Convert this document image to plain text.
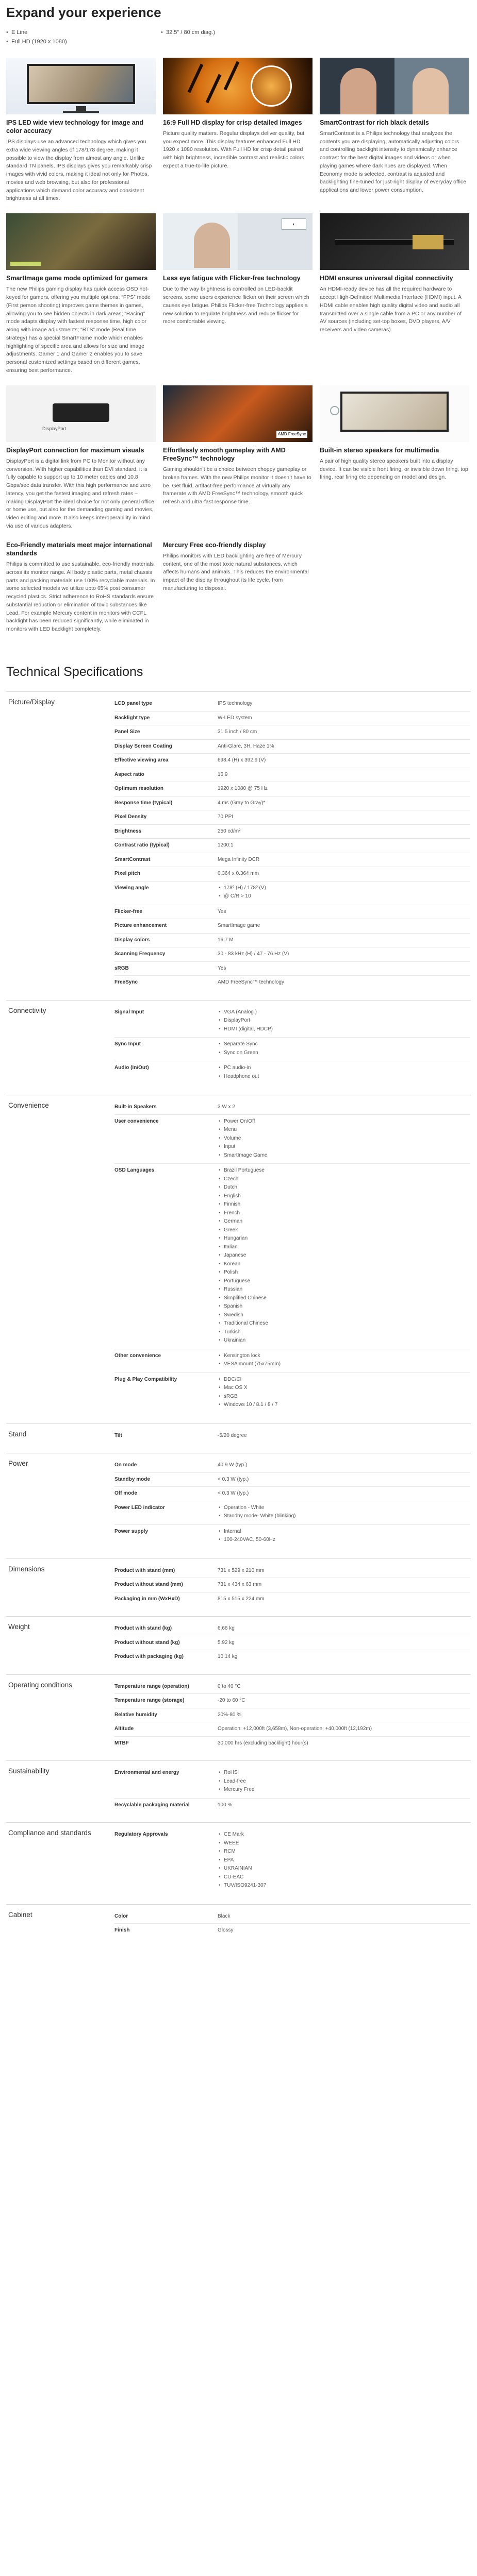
Expand your experience
• E Line
• Full HD (1920 x 1080)
• 32.5" / 80 cm diag.)
IPS LED wide view technology for image and color accuracy
IPS displays use an advanced technology which gives you extra wide viewing angles of 178/178 degree, making it possible to view the display from almost any angle. Unlike standard TN panels, IPS displays gives you remarkably crisp images with vivid colors, making it ideal not only for Photos, movies and web browsing, but also for professional applications which demand color accuracy and consistent brightness at all times.
16:9 Full HD display for crisp detailed images
Picture quality matters. Regular displays deliver quality, but you expect more. This display features enhanced Full HD 1920 x 1080 resolution. With Full HD for crisp detail paired with high brightness, incredible contrast and realistic colors expect a true-to-life picture.
SmartContrast for rich black details
SmartContrast is a Philips technology that analyzes the contents you are displaying, automatically adjusting colors and controlling backlight intensity to dynamically enhance contrast for the best digital images and videos or when playing games where dark hues are displayed. When Economy mode is selected, contrast is adjusted and backlighting fine-tuned for just-right display of everyday office applications and lower power consumption.
SmartImage game mode optimized for gamers
The new Philips gaming display has quick access OSD hot-keyed for gamers, offering you multiple options: “FPS” mode (First person shooting) improves game themes in games, allowing you to see hidden objects in dark areas; “Racing” mode adapts display with fastest response time, high color along with image adjustments; “RTS” mode (Real time strategy) has a special SmartFrame mode which enables highlighting of specific area and allows for size and image adjustments. Gamer 1 and Gamer 2 enables you to save personal customized settings based on different games, ensuring best performance.
◐
Less eye fatigue with Flicker-free technology
Due to the way brightness is controlled on LED-backlit screens, some users experience flicker on their screen which causes eye fatigue. Philips Flicker-free Technology applies a new solution to regulate brightness and reduce flicker for more comfortable viewing.
HDMI ensures universal digital connectivity
An HDMI-ready device has all the required hardware to accept High-Definition Multimedia Interface (HDMI) input. A HDMI cable enables high quality digital video and audio all transmitted over a single cable from a PC or any number of AV sources (including set-top boxes, DVD players, A/V receivers and video cameras).
DisplayPort
DisplayPort connection for maximum visuals
DisplayPort is a digital link from PC to Monitor without any conversion. With higher capabilities than DVI standard, it is fully capable to support up to 10 meter cables and 10.8 Gbps/sec data transfer. With this high performance and zero latency, you get the fastest imaging and refresh rates – making DisplayPort the ideal choice for not only general office or home use, but also for the demanding gaming and movies, video editing and more. It also keeps interoperability in mind via use of various adapters.
AMD FreeSync
Effortlessly smooth gameplay with AMD FreeSync™ technology
Gaming shouldn’t be a choice between choppy gameplay or broken frames. With the new Philips monitor it doesn’t have to be. Get fluid, artifact-free performance at virtually any framerate with AMD FreeSync™ technology, smooth quick refresh and ultra-fast response time.
Built-in stereo speakers for multimedia
A pair of high quality stereo speakers built into a display device. It can be visible front firing, or invisible down firing, top firing, rear firing etc depending on model and design.
Eco-Friendly materials meet major international standards
Philips is committed to use sustainable, eco-friendly materials across its monitor range. All body plastic parts, metal chassis parts and packing materials use 100% recyclable materials. In some selected models we utilize upto 65% post consumer recycled plastics. Strict adherence to RoHS standards ensure substantial reduction or elimination of toxic substances like Lead. For example Mercury content in monitors with CCFL backlight has been reduced significantly, while eliminated in monitors with LED backlight completely.
Mercury Free eco-friendly display
Philips monitors with LED backlighting are free of Mercury content, one of the most toxic natural substances, which affects humans and animals. This reduces the environmental impact of the display throughout its life cycle, from manufacturing to disposal.
Technical Specifications
Picture/Display	LCD panel type	IPS technology
Backlight type	W-LED system
Panel Size	31.5 inch / 80 cm
Display Screen Coating	Anti-Glare, 3H, Haze 1%
Effective viewing area	698.4 (H) x 392.9 (V)
Aspect ratio	16:9
Optimum resolution	1920 x 1080 @ 75 Hz
Response time (typical)	4 ms (Gray to Gray)*
Pixel Density	70 PPI
Brightness	250 cd/m²
Contrast ratio (typical)	1200:1
SmartContrast	Mega Infinity DCR
Pixel pitch	0.364 x 0.364 mm
Viewing angle	• 178º (H) / 178º (V)
• @ C/R > 10
Flicker-free	Yes
Picture enhancement	SmartImage game
Display colors	16.7 M
Scanning Frequency	30 - 83 kHz (H) / 47 - 76 Hz (V)
sRGB	Yes
FreeSync	AMD FreeSync™ technology
Connectivity	Signal Input	• VGA (Analog )
• DisplayPort
• HDMI (digital, HDCP)
Sync Input	• Separate Sync
• Sync on Green
Audio (In/Out)	• PC audio-in
• Headphone out
Convenience	Built-in Speakers	3 W x 2
User convenience	• Power On/Off
• Menu
• Volume
• Input
• SmartImage Game
OSD Languages	• Brazil Portuguese
• Czech
• Dutch
• English
• Finnish
• French
• German
• Greek
• Hungarian
• Italian
• Japanese
• Korean
• Polish
• Portuguese
• Russian
• Simplified Chinese
• Spanish
• Swedish
• Traditional Chinese
• Turkish
• Ukrainian
Other convenience	• Kensington lock
• VESA mount (75x75mm)
Plug & Play Compatibility	• DDC/CI
• Mac OS X
• sRGB
• Windows 10 / 8.1 / 8 / 7
Stand	Tilt	-5/20 degree
Power	On mode	40.9 W (typ.)
Standby mode	< 0.3 W (typ.)
Off mode	< 0.3 W (typ.)
Power LED indicator	• Operation - White
• Standby mode- White (blinking)
Power supply	• Internal
• 100-240VAC, 50-60Hz
Dimensions	Product with stand (mm)	731 x 529 x 210 mm
Product without stand (mm)	731 x 434 x 63 mm
Packaging in mm (WxHxD)	815 x 515 x 224 mm
Weight	Product with stand (kg)	6.66 kg
Product without stand (kg)	5.92 kg
Product with packaging (kg)	10.14 kg
Operating conditions	Temperature range (operation)	0 to 40 °C
Temperature range (storage)	-20 to 60 °C
Relative humidity	20%-80 %
Altitude	Operation: +12,000ft (3,658m), Non-operation: +40,000ft (12,192m)
MTBF	30,000 hrs (excluding backlight) hour(s)
Sustainability	Environmental and energy	• RoHS
• Lead-free
• Mercury Free
Recyclable packaging material	100 %
Compliance and standards	Regulatory Approvals	• CE Mark
• WEEE
• RCM
• EPA
• UKRAINIAN
• CU-EAC
• TUV/ISO9241-307
Cabinet	Color	Black
Finish	Glossy
